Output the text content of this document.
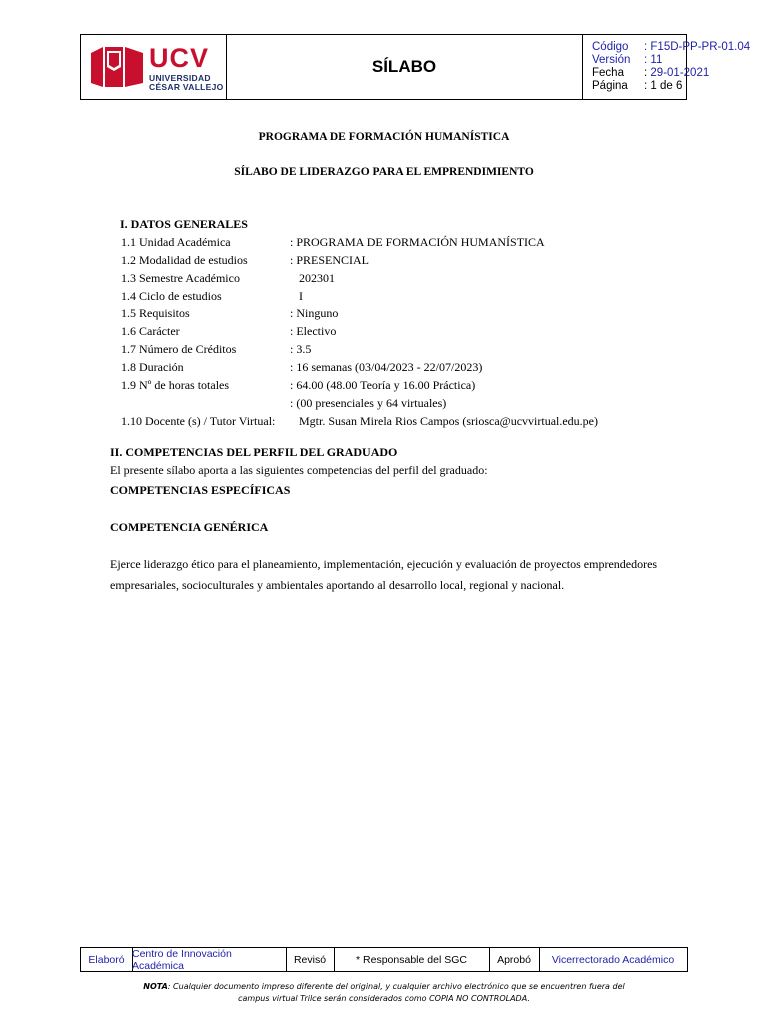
UCV
UNIVERSIDAD
CÉSAR VALLEJO
SÍLABO
Código : F15D-PP-PR-01.04
Versión : 11
Fecha : 29-01-2021
Página : 1 de 6
PROGRAMA DE FORMACIÓN HUMANÍSTICA
SÍLABO DE LIDERAZGO PARA EL EMPRENDIMIENTO
I. DATOS GENERALES
1.1 Unidad Académica	: PROGRAMA DE FORMACIÓN HUMANÍSTICA
1.2 Modalidad de estudios	: PRESENCIAL
1.3 Semestre Académico	202301
1.4 Ciclo de estudios	I
1.5 Requisitos	: Ninguno
1.6 Carácter	: Electivo
1.7 Número de Créditos	: 3.5
1.8 Duración	: 16 semanas (03/04/2023 - 22/07/2023)
1.9 Nº de horas totales	: 64.00 (48.00 Teoría y 16.00 Práctica)
: (00 presenciales y 64 virtuales)
1.10 Docente (s) / Tutor Virtual: Mgtr. Susan Mirela Rios Campos (sriosca@ucvvirtual.edu.pe)
II. COMPETENCIAS DEL PERFIL DEL GRADUADO
El presente sílabo aporta a las siguientes competencias del perfil del graduado:
COMPETENCIAS ESPECÍFICAS
COMPETENCIA GENÉRICA
Ejerce liderazgo ético para el planeamiento, implementación, ejecución y evaluación de proyectos emprendedores
empresariales, socioculturales y ambientales aportando al desarrollo local, regional y nacional.
Elaboró Centro de Innovación Académica	Revisó	* Responsable del SGC	Aprobó	Vicerrectorado Académico
NOTA: Cualquier documento impreso diferente del original, y cualquier archivo electrónico que se encuentren fuera del
campus virtual Trilce serán considerados como COPIA NO CONTROLADA.
